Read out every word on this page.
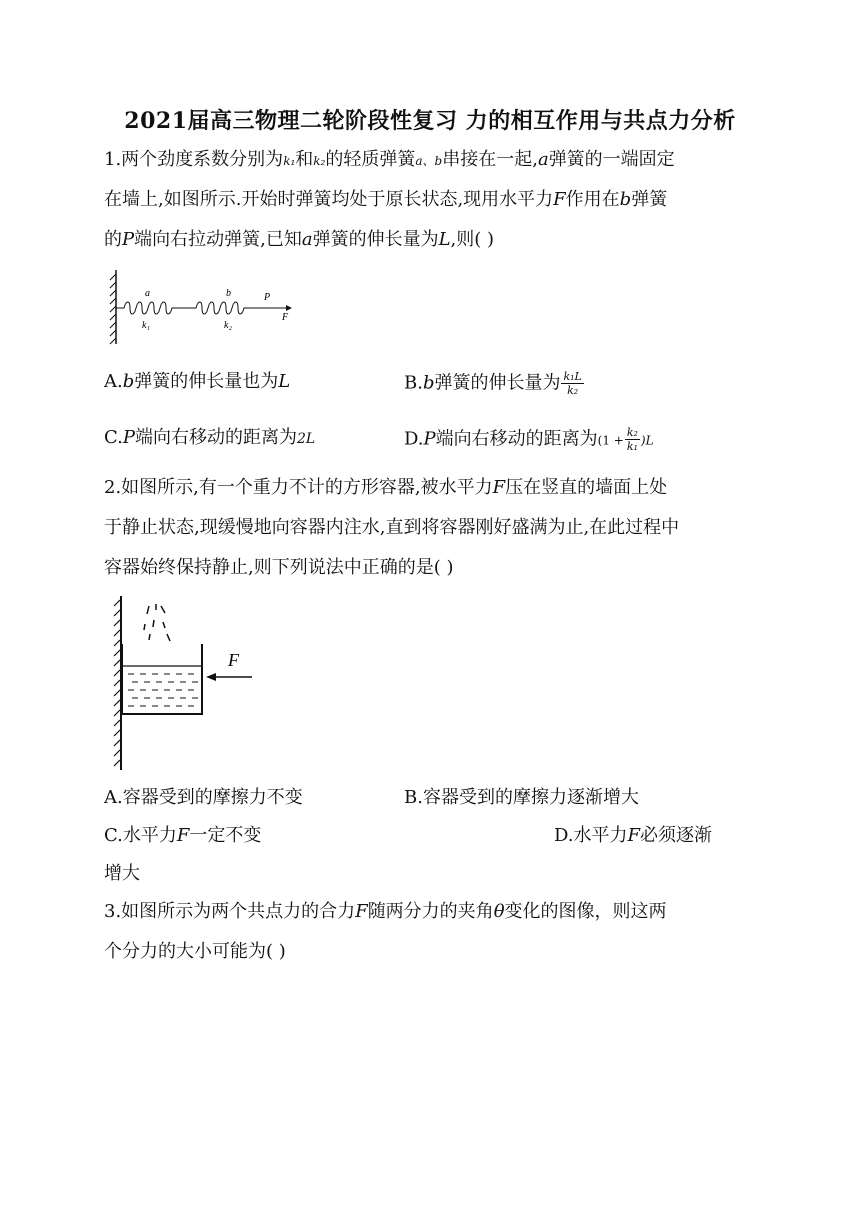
2021届高三物理二轮阶段性复习 力的相互作用与共点力分析
1.两个劲度系数分别为k₁和k₂的轻质弹簧a、b串接在一起,a弹簧的一端固定
在墙上,如图所示.开始时弹簧均处于原长状态,现用水平力F作用在b弹簧
的P端向右拉动弹簧,已知a弹簧的伸长量为L,则( )
a	b	P
F
k₁	k₂
A.b弹簧的伸长量也为L	B.b弹簧的伸长量为 $\frac{\text{k₁L}}{\text{k₂}}$
C.P端向右移动的距离为2L	D.P端向右移动的距离为$(1 + \frac{\text{k₂}}{\text{k₁}} )L$
2.如图所示,有一个重力不计的方形容器,被水平力F压在竖直的墙面上处
于静止状态,现缓慢地向容器内注水,直到将容器刚好盛满为止,在此过程中
容器始终保持静止,则下列说法中正确的是( )
F
A.容器受到的摩擦力不变	B.容器受到的摩擦力逐渐增大
C.水平力F一定不变	D.水平力F必须逐渐
增大
3.如图所示为两个共点力的合力F随两分力的夹角θ变化的图像，则这两
个分力的大小可能为( )
